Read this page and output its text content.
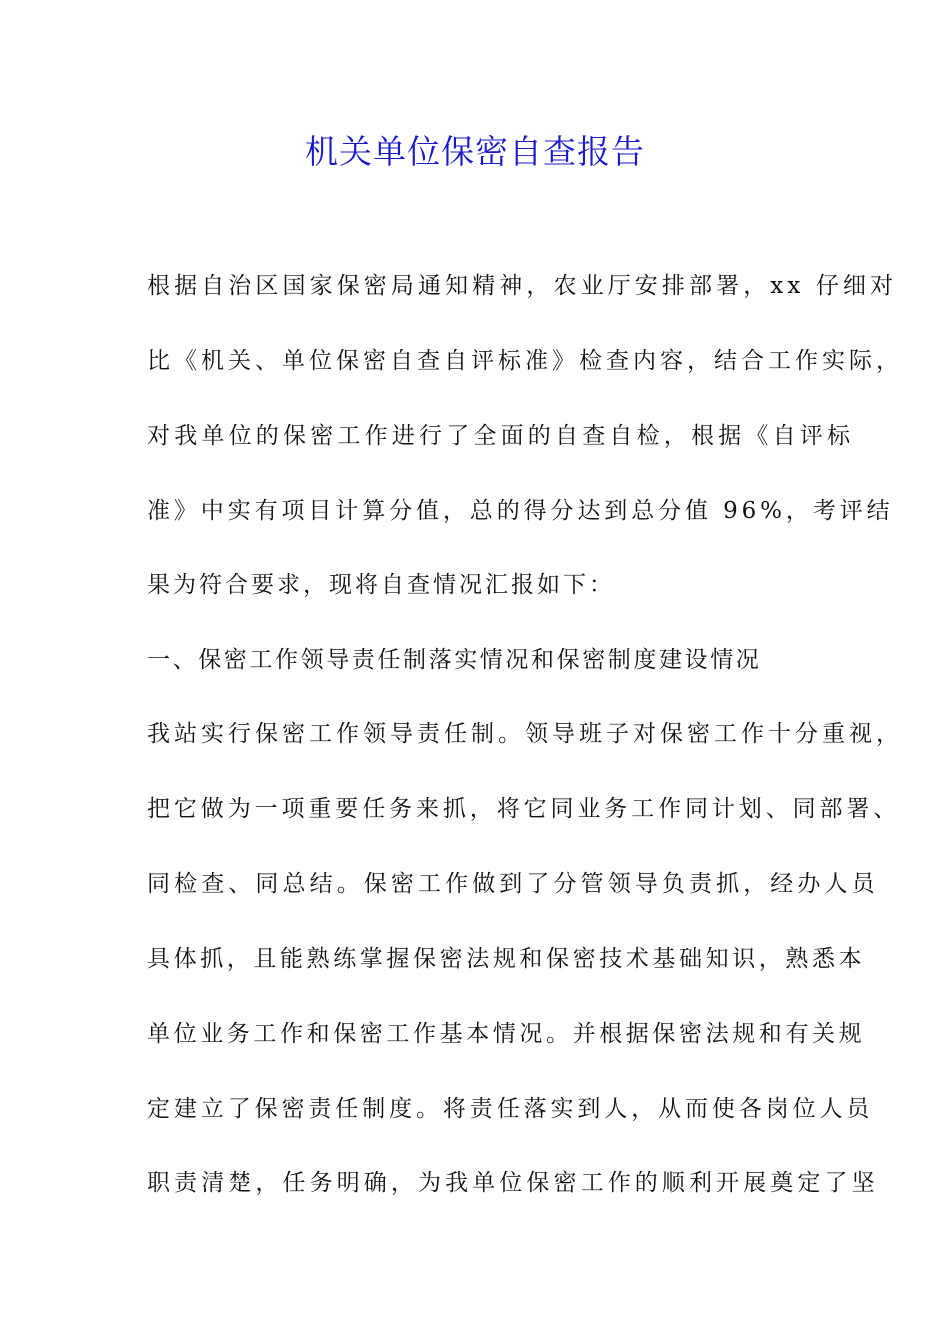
机关单位保密自查报告

根据自治区国家保密局通知精神，农业厅安排部署，xx 仔细对

比《机关、单位保密自查自评标准》检查内容，结合工作实际，

对我单位的保密工作进行了全面的自查自检，根据《自评标

准》中实有项目计算分值，总的得分达到总分值 96%，考评结

果为符合要求，现将自查情况汇报如下：

一、保密工作领导责任制落实情况和保密制度建设情况

我站实行保密工作领导责任制。领导班子对保密工作十分重视，

把它做为一项重要任务来抓，将它同业务工作同计划、同部署、

同检查、同总结。保密工作做到了分管领导负责抓，经办人员

具体抓，且能熟练掌握保密法规和保密技术基础知识，熟悉本

单位业务工作和保密工作基本情况。并根据保密法规和有关规

定建立了保密责任制度。将责任落实到人，从而使各岗位人员

职责清楚，任务明确，为我单位保密工作的顺利开展奠定了坚
